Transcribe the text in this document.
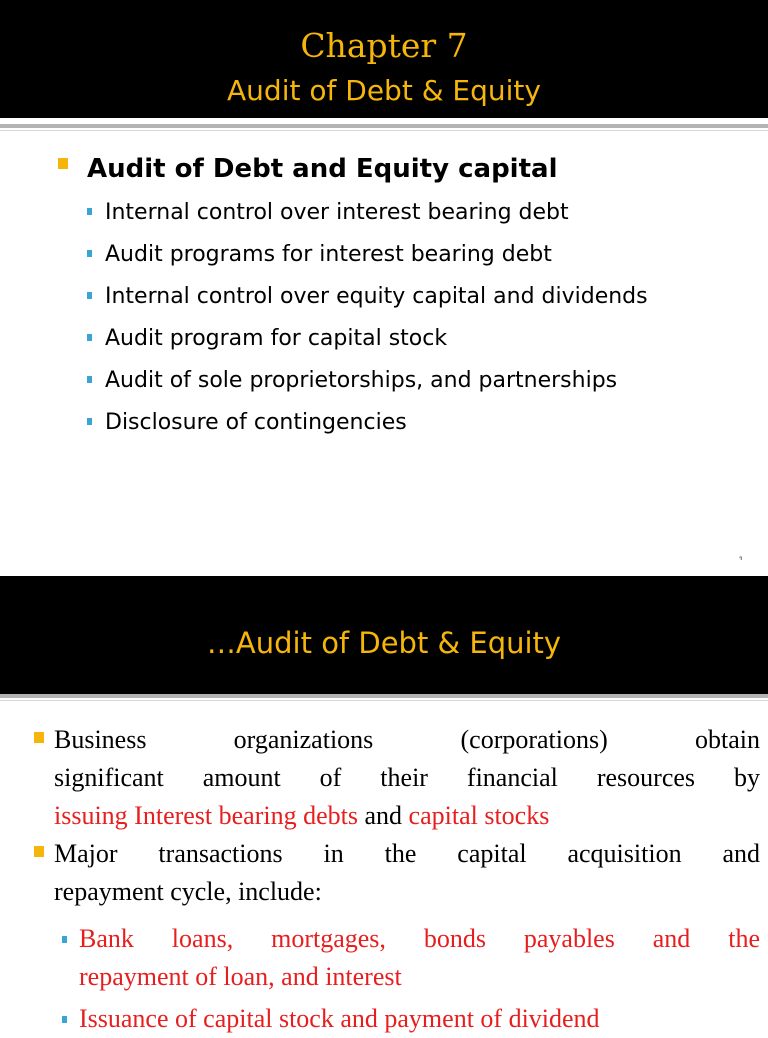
Chapter 7
Audit of Debt & Equity
Audit of Debt and Equity capital
Internal control over interest bearing debt
Audit programs for interest bearing debt
Internal control over equity capital and dividends
Audit program for capital stock
Audit of sole proprietorships, and partnerships
Disclosure of contingencies
…Audit of Debt & Equity
Business organizations (corporations) obtain
significant amount of their financial resources by
issuing Interest bearing debts and capital stocks
Major transactions in the capital acquisition and
repayment cycle, include:
Bank loans, mortgages, bonds payables and the
repayment of loan, and interest
Issuance of capital stock and payment of dividend
